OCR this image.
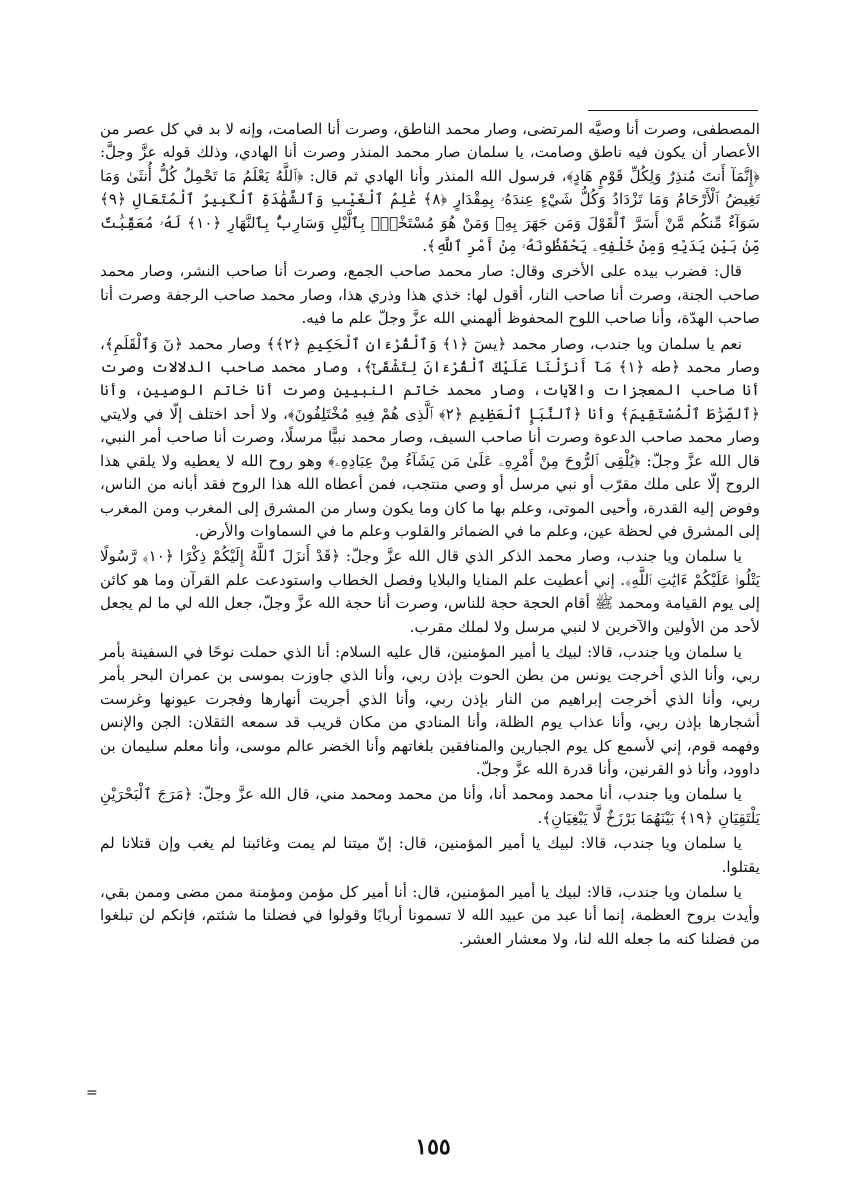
المصطفى، وصرت أنا وصيَّه المرتضى، وصار محمد الناطق، وصرت أنا الصامت، وإنه لا بد في كل عصر من الأعصار أن يكون فيه ناطق وصامت، يا سلمان صار محمد المنذر وصرت أنا الهادي، وذلك قوله عزَّ وجلَّ: ﴿إِنَّمَآ أَنتَ مُنذِرٌ وَلِكُلِّ قَوْمٍ هَادٍ﴾، فرسول الله المنذر وأنا الهادي ثم قال: ﴿ٱللَّهُ يَعْلَمُ مَا تَحْمِلُ كُلُّ أُنثَىٰ وَمَا تَغِيضُ ٱلْأَرْحَامُ وَمَا تَزْدَادُ وَكُلُّ شَيْءٍ عِندَهُۥ بِمِقْدَارٍ ﴿٨﴾ عَٰلِمُ ٱلْغَيْبِ وَٱلشَّهَٰدَةِ ٱلْكَبِيرُ ٱلْمُتَعَالِ ﴿٩﴾ سَوَآءٌ مِّنكُم مَّنْ أَسَرَّ ٱلْقَوْلَ وَمَن جَهَرَ بِهِۦ وَمَنْ هُوَ مُسْتَخْفٍۭ بِٱلَّيْلِ وَسَارِبٌۢ بِٱلنَّهَارِ ﴿١٠﴾ لَهُۥ مُعَقِّبَٰتٌ مِّنۢ بَيْنِ يَدَيْهِ وَمِنْ خَلْفِهِۦ يَحْفَظُونَهُۥ مِنْ أَمْرِ ٱللَّهِ﴾.

قال: فضرب بيده على الأخرى وقال: صار محمد صاحب الجمع، وصرت أنا صاحب النشر، وصار محمد صاحب الجنة، وصرت أنا صاحب النار، أقول لها: خذي هذا وذري هذا، وصار محمد صاحب الرجفة وصرت أنا صاحب الهدّة، وأنا صاحب اللوح المحفوظ ألهمني الله عزَّ وجلّ علم ما فيه.

نعم يا سلمان ويا جندب، وصار محمد ﴿يسٓ ﴿١﴾ وَٱلْقُرْءَانِ ٱلْحَكِيمِ ﴿٢﴾﴾ وصار محمد ﴿نٓ وَٱلْقَلَمِ﴾، وصار محمد ﴿طه ﴿١﴾ مَآ أَنزَلْنَا عَلَيْكَ ٱلْقُرْءَانَ لِتَشْقَىٰٓ﴾، وصار محمد صاحب الدلالات وصرت أنا صاحب المعجزات والآيات، وصار محمد خاتم النبيين وصرت أنا خاتم الوصيين، وأنا ﴿ٱلصِّرَٰطَ ٱلْمُسْتَقِيمَ﴾ وأنا ﴿ٱلنَّبَإِ ٱلْعَظِيمِ ﴿٢﴾ ٱلَّذِى هُمْ فِيهِ مُخْتَلِفُونَ﴾، ولا أحد اختلف إلّا في ولايتي وصار محمد صاحب الدعوة وصرت أنا صاحب السيف، وصار محمد نبيًّا مرسلًا، وصرت أنا صاحب أمر النبي، قال الله عزَّ وجلّ: ﴿يُلْقِى ٱلرُّوحَ مِنْ أَمْرِهِۦ عَلَىٰ مَن يَشَآءُ مِنْ عِبَادِهِۦ﴾ وهو روح الله لا يعطيه ولا يلقي هذا الروح إلّا على ملك مقرّب أو نبي مرسل أو وصي منتجب، فمن أعطاه الله هذا الروح فقد أبانه من الناس، وفوض إليه القدرة، وأحيى الموتى، وعلم بها ما كان وما يكون وسار من المشرق إلى المغرب ومن المغرب إلى المشرق في لحظة عين، وعلم ما في الضمائر والقلوب وعلم ما في السماوات والأرض.

يا سلمان ويا جندب، وصار محمد الذكر الذي قال الله عزَّ وجلّ: ﴿قَدْ أَنزَلَ ٱللَّهُ إِلَيْكُمْ ذِكْرًا ﴿١٠﴾ رَّسُولًا يَتْلُوا۟ عَلَيْكُمْ ءَايَٰتِ ٱللَّهِ﴾. إني أعطيت علم المنايا والبلايا وفصل الخطاب واستودعت علم القرآن وما هو كائن إلى يوم القيامة ومحمد ﷺ أقام الحجة حجة للناس، وصرت أنا حجة الله عزَّ وجلّ، جعل الله لي ما لم يجعل لأحد من الأولين والآخرين لا لنبي مرسل ولا لملك مقرب.

يا سلمان ويا جندب، قالا: لبيك يا أمير المؤمنين، قال عليه السلام: أنا الذي حملت نوحًا في السفينة بأمر ربي، وأنا الذي أخرجت يونس من بطن الحوت بإذن ربي، وأنا الذي جاوزت بموسى بن عمران البحر بأمر ربي، وأنا الذي أخرجت إبراهيم من النار بإذن ربي، وأنا الذي أجريت أنهارها وفجرت عيونها وغرست أشجارها بإذن ربي، وأنا عذاب يوم الظلة، وأنا المنادي من مكان قريب قد سمعه الثقلان: الجن والإنس وفهمه قوم، إني لأسمع كل يوم الجبارين والمنافقين بلغاتهم وأنا الخضر عالم موسى، وأنا معلم سليمان بن داوود، وأنا ذو القرنين، وأنا قدرة الله عزَّ وجلّ.

يا سلمان ويا جندب، أنا محمد ومحمد أنا، وأنا من محمد ومحمد مني، قال الله عزَّ وجلّ: ﴿مَرَجَ ٱلْبَحْرَيْنِ يَلْتَقِيَانِ ﴿١٩﴾ بَيْنَهُمَا بَرْزَخٌ لَّا يَبْغِيَانِ﴾.

يا سلمان ويا جندب، قالا: لبيك يا أمير المؤمنين، قال: إنّ ميتنا لم يمت وغائبنا لم يغب وإن قتلانا لم يقتلوا.

يا سلمان ويا جندب، قالا: لبيك يا أمير المؤمنين، قال: أنا أمير كل مؤمن ومؤمنة ممن مضى وممن بقي، وأيدت بروح العظمة، إنما أنا عبد من عبيد الله لا تسمونا أربابًا وقولوا في فضلنا ما شئتم، فإنكم لن تبلغوا من فضلنا كنه ما جعله الله لنا، ولا معشار العشر.

=
١٥٥
